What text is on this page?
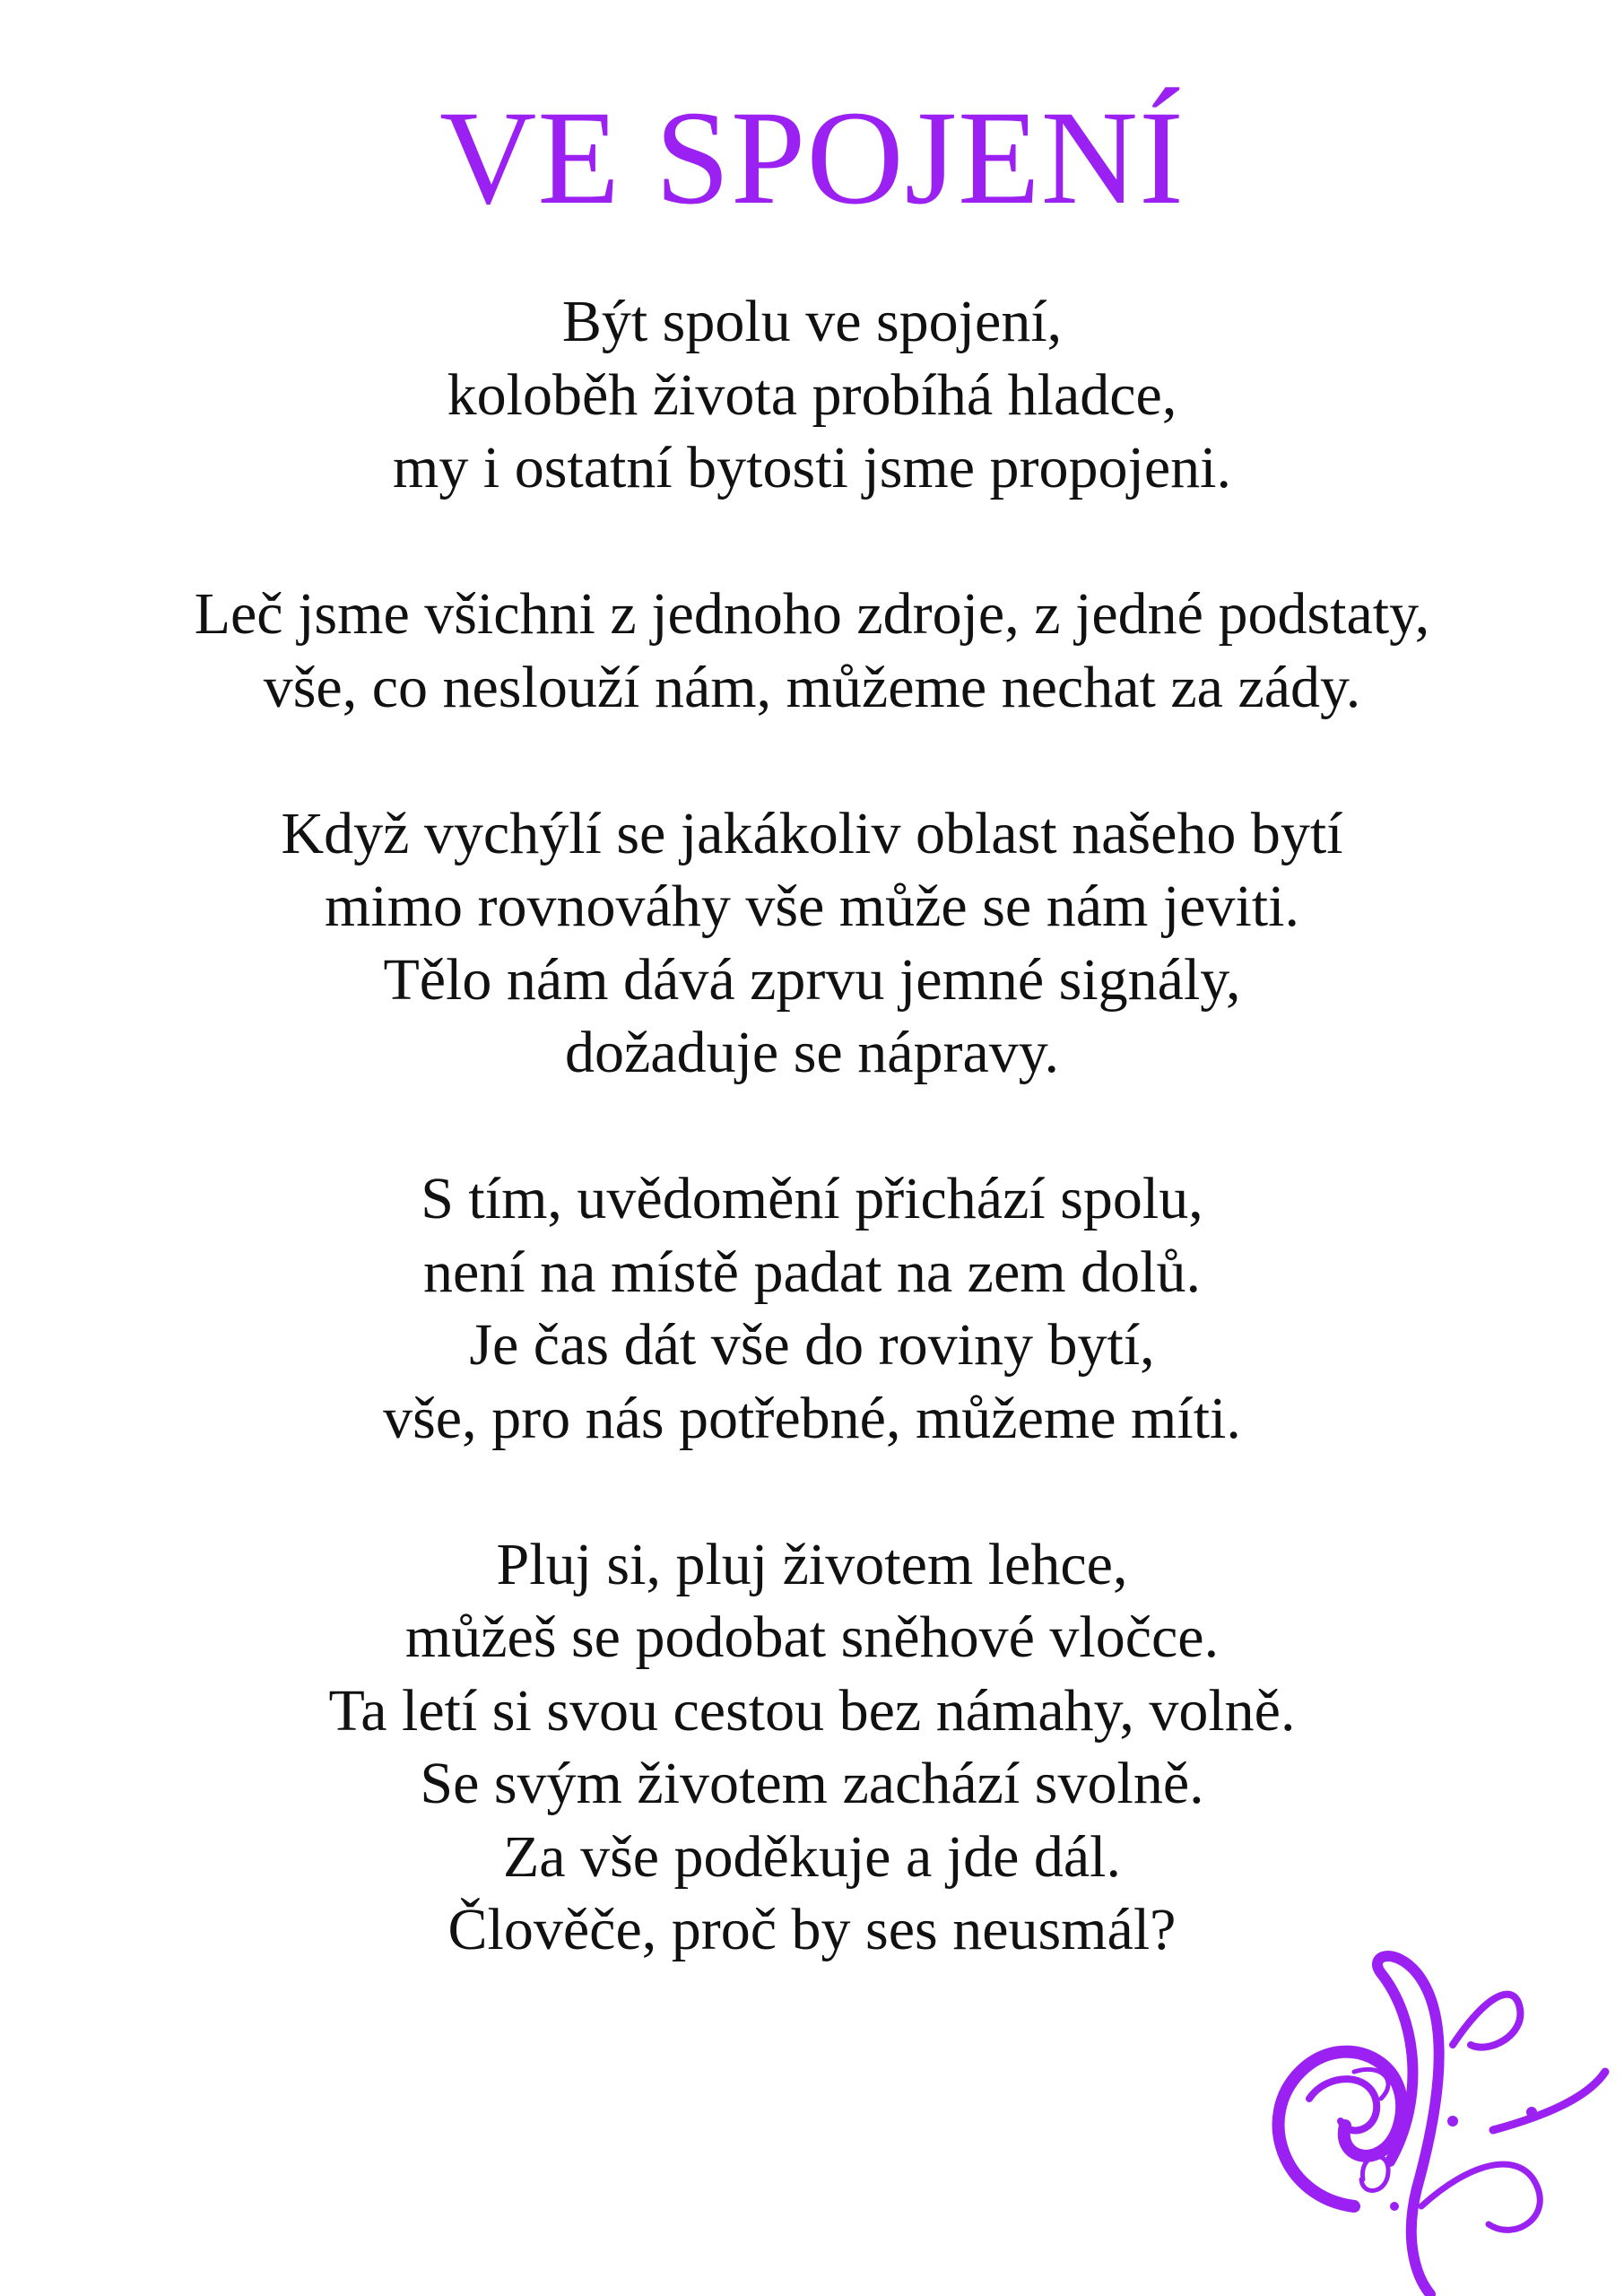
VE SPOJENÍ
Být spolu ve spojení,
koloběh života probíhá hladce,
my i ostatní bytosti jsme propojeni.
Leč jsme všichni z jednoho zdroje, z jedné podstaty,
vše, co neslouží nám, můžeme nechat za zády.
Když vychýlí se jakákoliv oblast našeho bytí
mimo rovnováhy vše může se nám jeviti.
Tělo nám dává zprvu jemné signály,
dožaduje se nápravy.
S tím, uvědomění přichází spolu,
není na místě padat na zem dolů.
Je čas dát vše do roviny bytí,
vše, pro nás potřebné, můžeme míti.
Pluj si, pluj životem lehce,
můžeš se podobat sněhové vločce.
Ta letí si svou cestou bez námahy, volně.
Se svým životem zachází svolně.
Za vše poděkuje a jde dál.
Člověče, proč by ses neusmál?
